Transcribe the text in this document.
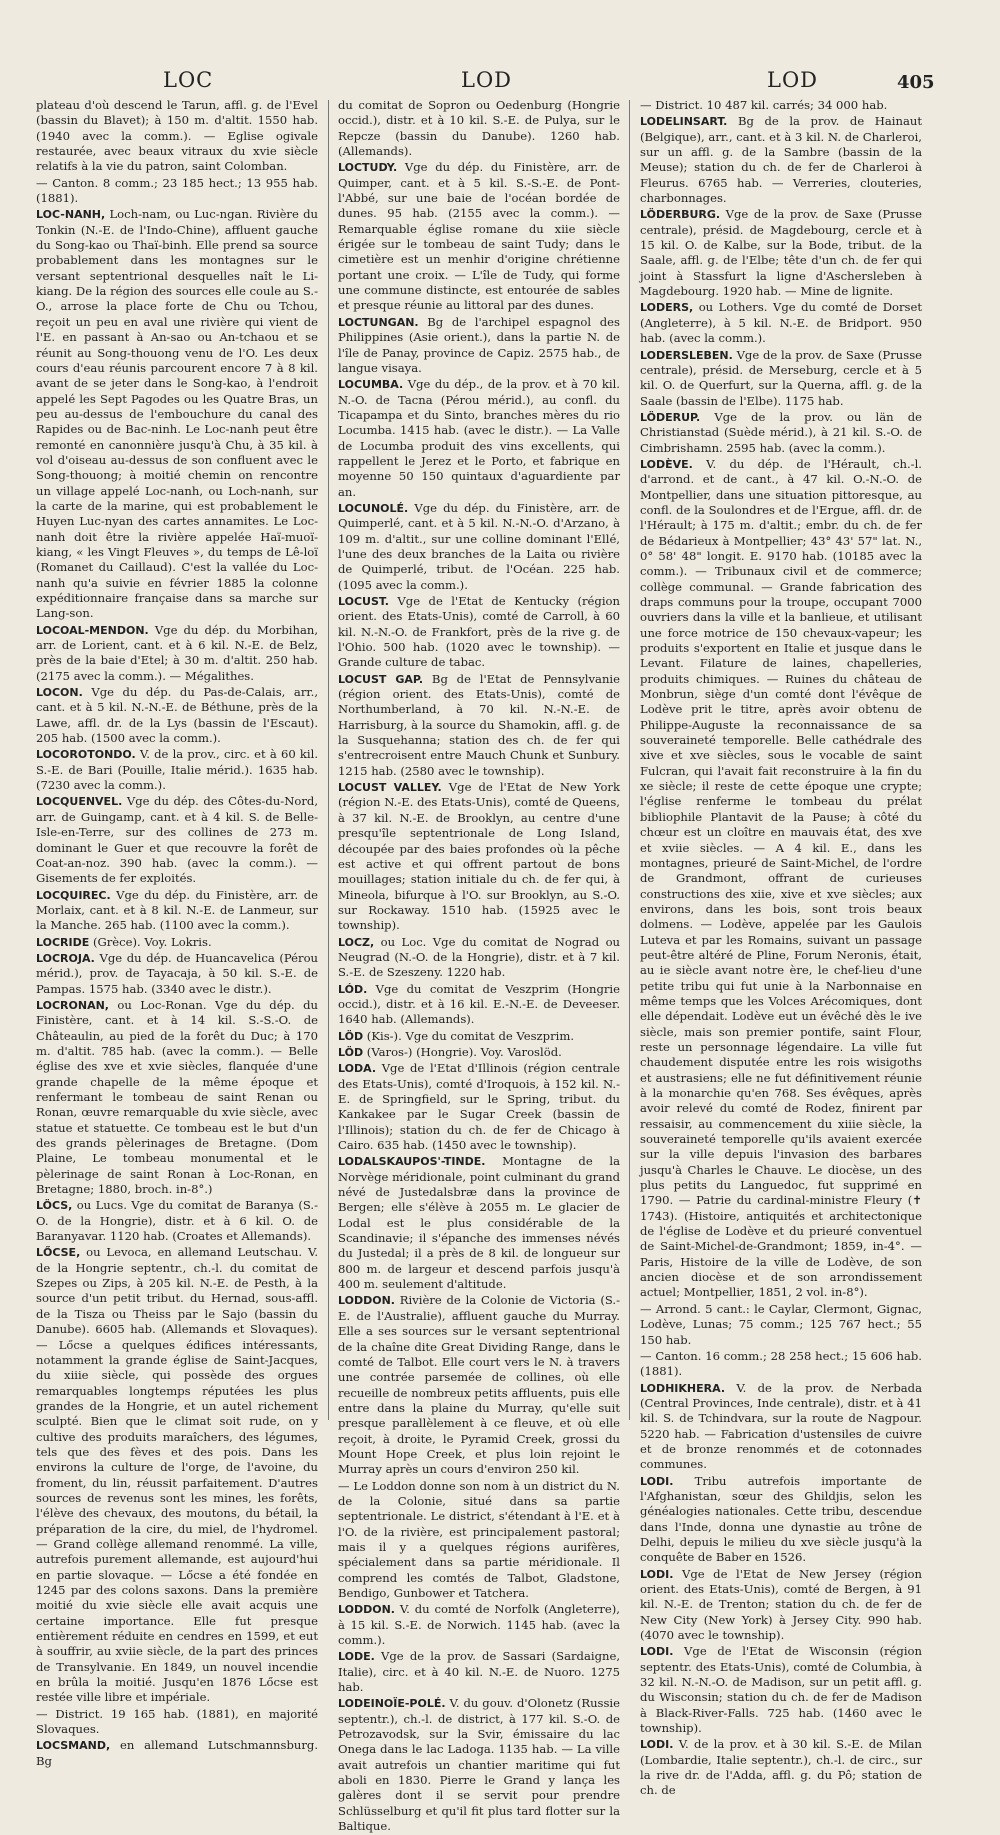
LOC	LOD	LOD	405

plateau d'où descend le Tarun, affl. g. de l'Evel (bassin du Blavet); à 150 m. d'altit. 1550 hab. (1940 avec la comm.). — Eglise ogivale restaurée, avec beaux vitraux du xvie siècle relatifs à la vie du patron, saint Colomban.

— Canton. 8 comm.; 23 185 hect.; 13 955 hab. (1881).

LOC-NANH, Loch-nam, ou Luc-ngan. Rivière du Tonkin (N.-E. de l'Indo-Chine), affluent gauche du Song-kao ou Thaï-binh. Elle prend sa source probablement dans les montagnes sur le versant septentrional desquelles naît le Li-kiang. De la région des sources elle coule au S.-O., arrose la place forte de Chu ou Tchou, reçoit un peu en aval une rivière qui vient de l'E. en passant à An-sao ou An-tchaou et se réunit au Song-thouong venu de l'O. Les deux cours d'eau réunis parcourent encore 7 à 8 kil. avant de se jeter dans le Song-kao, à l'endroit appelé les Sept Pagodes ou les Quatre Bras, un peu au-dessus de l'embouchure du canal des Rapides ou de Bac-ninh. Le Loc-nanh peut être remonté en canonnière jusqu'à Chu, à 35 kil. à vol d'oiseau au-dessus de son confluent avec le Song-thouong; à moitié chemin on rencontre un village appelé Loc-nanh, ou Loch-nanh, sur la carte de la marine, qui est probablement le Huyen Luc-nyan des cartes annamites. Le Loc-nanh doit être la rivière appelée Haï-muoï-kiang, « les Vingt Fleuves », du temps de Lê-loï (Romanet du Caillaud). C'est la vallée du Loc-nanh qu'a suivie en février 1885 la colonne expéditionnaire française dans sa marche sur Lang-son.

LOCOAL-MENDON. Vge du dép. du Morbihan, arr. de Lorient, cant. et à 6 kil. N.-E. de Belz, près de la baie d'Etel; à 30 m. d'altit. 250 hab. (2175 avec la comm.). — Mégalithes.

LOCON. Vge du dép. du Pas-de-Calais, arr., cant. et à 5 kil. N.-N.-E. de Béthune, près de la Lawe, affl. dr. de la Lys (bassin de l'Escaut). 205 hab. (1500 avec la comm.).

LOCOROTONDO. V. de la prov., circ. et à 60 kil. S.-E. de Bari (Pouille, Italie mérid.). 1635 hab. (7230 avec la comm.).

LOCQUENVEL. Vge du dép. des Côtes-du-Nord, arr. de Guingamp, cant. et à 4 kil. S. de Belle-Isle-en-Terre, sur des collines de 273 m. dominant le Guer et que recouvre la forêt de Coat-an-noz. 390 hab. (avec la comm.). — Gisements de fer exploités.

LOCQUIREC. Vge du dép. du Finistère, arr. de Morlaix, cant. et à 8 kil. N.-E. de Lanmeur, sur la Manche. 265 hab. (1100 avec la comm.).

LOCRIDE (Grèce). Voy. Lokris.

LOCROJA. Vge du dép. de Huancavelica (Pérou mérid.), prov. de Tayacaja, à 50 kil. S.-E. de Pampas. 1575 hab. (3340 avec le distr.).

LOCRONAN, ou Loc-Ronan. Vge du dép. du Finistère, cant. et à 14 kil. S.-S.-O. de Châteaulin, au pied de la forêt du Duc; à 170 m. d'altit. 785 hab. (avec la comm.). — Belle église des xve et xvie siècles, flanquée d'une grande chapelle de la même époque et renfermant le tombeau de saint Renan ou Ronan, œuvre remarquable du xvie siècle, avec statue et statuette. Ce tombeau est le but d'un des grands pèlerinages de Bretagne. (Dom Plaine, Le tombeau monumental et le pèlerinage de saint Ronan à Loc-Ronan, en Bretagne; 1880, broch. in-8°.)

LÖCS, ou Lucs. Vge du comitat de Baranya (S.-O. de la Hongrie), distr. et à 6 kil. O. de Baranyavar. 1120 hab. (Croates et Allemands).

LŐCSE, ou Levoca, en allemand Leutschau. V. de la Hongrie septentr., ch.-l. du comitat de Szepes ou Zips, à 205 kil. N.-E. de Pesth, à la source d'un petit tribut. du Hernad, sous-affl. de la Tisza ou Theiss par le Sajo (bassin du Danube). 6605 hab. (Allemands et Slovaques). — Lőcse a quelques édifices intéressants, notamment la grande église de Saint-Jacques, du xiiie siècle, qui possède des orgues remarquables longtemps réputées les plus grandes de la Hongrie, et un autel richement sculpté. Bien que le climat soit rude, on y cultive des produits maraîchers, des légumes, tels que des fèves et des pois. Dans les environs la culture de l'orge, de l'avoine, du froment, du lin, réussit parfaitement. D'autres sources de revenus sont les mines, les forêts, l'élève des chevaux, des moutons, du bétail, la préparation de la cire, du miel, de l'hydromel. — Grand collège allemand renommé. La ville, autrefois purement allemande, est aujourd'hui en partie slovaque. — Lőcse a été fondée en 1245 par des colons saxons. Dans la première moitié du xvie siècle elle avait acquis une certaine importance. Elle fut presque entièrement réduite en cendres en 1599, et eut à souffrir, au xviie siècle, de la part des princes de Transylvanie. En 1849, un nouvel incendie en brûla la moitié. Jusqu'en 1876 Lőcse est restée ville libre et impériale.

— District. 19 165 hab. (1881), en majorité Slovaques.

LOCSMAND, en allemand Lutschmannsburg. Bg

du comitat de Sopron ou Oedenburg (Hongrie occid.), distr. et à 10 kil. S.-E. de Pulya, sur le Repcze (bassin du Danube). 1260 hab. (Allemands).

LOCTUDY. Vge du dép. du Finistère, arr. de Quimper, cant. et à 5 kil. S.-S.-E. de Pont-l'Abbé, sur une baie de l'océan bordée de dunes. 95 hab. (2155 avec la comm.). — Remarquable église romane du xiie siècle érigée sur le tombeau de saint Tudy; dans le cimetière est un menhir d'origine chrétienne portant une croix. — L'île de Tudy, qui forme une commune distincte, est entourée de sables et presque réunie au littoral par des dunes.

LOCTUNGAN. Bg de l'archipel espagnol des Philippines (Asie orient.), dans la partie N. de l'île de Panay, province de Capiz. 2575 hab., de langue visaya.

LOCUMBA. Vge du dép., de la prov. et à 70 kil. N.-O. de Tacna (Pérou mérid.), au confl. du Ticapampa et du Sinto, branches mères du rio Locumba. 1415 hab. (avec le distr.). — La Valle de Locumba produit des vins excellents, qui rappellent le Jerez et le Porto, et fabrique en moyenne 50 150 quintaux d'aguardiente par an.

LOCUNOLÉ. Vge du dép. du Finistère, arr. de Quimperlé, cant. et à 5 kil. N.-N.-O. d'Arzano, à 109 m. d'altit., sur une colline dominant l'Ellé, l'une des deux branches de la Laita ou rivière de Quimperlé, tribut. de l'Océan. 225 hab. (1095 avec la comm.).

LOCUST. Vge de l'Etat de Kentucky (région orient. des Etats-Unis), comté de Carroll, à 60 kil. N.-N.-O. de Frankfort, près de la rive g. de l'Ohio. 500 hab. (1020 avec le township). — Grande culture de tabac.

LOCUST GAP. Bg de l'Etat de Pennsylvanie (région orient. des Etats-Unis), comté de Northumberland, à 70 kil. N.-N.-E. de Harrisburg, à la source du Shamokin, affl. g. de la Susquehanna; station des ch. de fer qui s'entrecroisent entre Mauch Chunk et Sunbury. 1215 hab. (2580 avec le township).

LOCUST VALLEY. Vge de l'Etat de New York (région N.-E. des Etats-Unis), comté de Queens, à 37 kil. N.-E. de Brooklyn, au centre d'une presqu'île septentrionale de Long Island, découpée par des baies profondes où la pêche est active et qui offrent partout de bons mouillages; station initiale du ch. de fer qui, à Mineola, bifurque à l'O. sur Brooklyn, au S.-O. sur Rockaway. 1510 hab. (15925 avec le township).

LOCZ, ou Loc. Vge du comitat de Nograd ou Neugrad (N.-O. de la Hongrie), distr. et à 7 kil. S.-E. de Szeszeny. 1220 hab.

LÓD. Vge du comitat de Veszprim (Hongrie occid.), distr. et à 16 kil. E.-N.-E. de Deveeser. 1640 hab. (Allemands).

LÖD (Kis-). Vge du comitat de Veszprim.

LÖD (Varos-) (Hongrie). Voy. Varoslöd.

LODA. Vge de l'Etat d'Illinois (région centrale des Etats-Unis), comté d'Iroquois, à 152 kil. N.-E. de Springfield, sur le Spring, tribut. du Kankakee par le Sugar Creek (bassin de l'Illinois); station du ch. de fer de Chicago à Cairo. 635 hab. (1450 avec le township).

LODALSKAUPOS'-TINDE. Montagne de la Norvège méridionale, point culminant du grand névé de Justedalsbræ dans la province de Bergen; elle s'élève à 2055 m. Le glacier de Lodal est le plus considérable de la Scandinavie; il s'épanche des immenses névés du Justedal; il a près de 8 kil. de longueur sur 800 m. de largeur et descend parfois jusqu'à 400 m. seulement d'altitude.

LODDON. Rivière de la Colonie de Victoria (S.-E. de l'Australie), affluent gauche du Murray. Elle a ses sources sur le versant septentrional de la chaîne dite Great Dividing Range, dans le comté de Talbot. Elle court vers le N. à travers une contrée parsemée de collines, où elle recueille de nombreux petits affluents, puis elle entre dans la plaine du Murray, qu'elle suit presque parallèlement à ce fleuve, et où elle reçoit, à droite, le Pyramid Creek, grossi du Mount Hope Creek, et plus loin rejoint le Murray après un cours d'environ 250 kil.

— Le Loddon donne son nom à un district du N. de la Colonie, situé dans sa partie septentrionale. Le district, s'étendant à l'E. et à l'O. de la rivière, est principalement pastoral; mais il y a quelques régions aurifères, spécialement dans sa partie méridionale. Il comprend les comtés de Talbot, Gladstone, Bendigo, Gunbower et Tatchera.

LODDON. V. du comté de Norfolk (Angleterre), à 15 kil. S.-E. de Norwich. 1145 hab. (avec la comm.).

LODE. Vge de la prov. de Sassari (Sardaigne, Italie), circ. et à 40 kil. N.-E. de Nuoro. 1275 hab.

LODEINOÏE-POLÉ. V. du gouv. d'Olonetz (Russie septentr.), ch.-l. de district, à 177 kil. S.-O. de Petrozavodsk, sur la Svir, émissaire du lac Onega dans le lac Ladoga. 1135 hab. — La ville avait autrefois un chantier maritime qui fut aboli en 1830. Pierre le Grand y lança les galères dont il se servit pour prendre Schlüsselburg et qu'il fit plus tard flotter sur la Baltique.

— District. 10 487 kil. carrés; 34 000 hab.

LODELINSART. Bg de la prov. de Hainaut (Belgique), arr., cant. et à 3 kil. N. de Charleroi, sur un affl. g. de la Sambre (bassin de la Meuse); station du ch. de fer de Charleroi à Fleurus. 6765 hab. — Verreries, clouteries, charbonnages.

LÖDERBURG. Vge de la prov. de Saxe (Prusse centrale), présid. de Magdebourg, cercle et à 15 kil. O. de Kalbe, sur la Bode, tribut. de la Saale, affl. g. de l'Elbe; tête d'un ch. de fer qui joint à Stassfurt la ligne d'Aschersleben à Magdebourg. 1920 hab. — Mine de lignite.

LODERS, ou Lothers. Vge du comté de Dorset (Angleterre), à 5 kil. N.-E. de Bridport. 950 hab. (avec la comm.).

LODERSLEBEN. Vge de la prov. de Saxe (Prusse centrale), présid. de Merseburg, cercle et à 5 kil. O. de Querfurt, sur la Querna, affl. g. de la Saale (bassin de l'Elbe). 1175 hab.

LÖDERUP. Vge de la prov. ou län de Christianstad (Suède mérid.), à 21 kil. S.-O. de Cimbrishamn. 2595 hab. (avec la comm.).

LODÈVE. V. du dép. de l'Hérault, ch.-l. d'arrond. et de cant., à 47 kil. O.-N.-O. de Montpellier, dans une situation pittoresque, au confl. de la Soulondres et de l'Ergue, affl. dr. de l'Hérault; à 175 m. d'altit.; embr. du ch. de fer de Bédarieux à Montpellier; 43° 43' 57" lat. N., 0° 58' 48" longit. E. 9170 hab. (10185 avec la comm.). — Tribunaux civil et de commerce; collège communal. — Grande fabrication des draps communs pour la troupe, occupant 7000 ouvriers dans la ville et la banlieue, et utilisant une force motrice de 150 chevaux-vapeur; les produits s'exportent en Italie et jusque dans le Levant. Filature de laines, chapelleries, produits chimiques. — Ruines du château de Monbrun, siège d'un comté dont l'évêque de Lodève prit le titre, après avoir obtenu de Philippe-Auguste la reconnaissance de sa souveraineté temporelle. Belle cathédrale des xive et xve siècles, sous le vocable de saint Fulcran, qui l'avait fait reconstruire à la fin du xe siècle; il reste de cette époque une crypte; l'église renferme le tombeau du prélat bibliophile Plantavit de la Pause; à côté du chœur est un cloître en mauvais état, des xve et xviie siècles. — A 4 kil. E., dans les montagnes, prieuré de Saint-Michel, de l'ordre de Grandmont, offrant de curieuses constructions des xiie, xive et xve siècles; aux environs, dans les bois, sont trois beaux dolmens. — Lodève, appelée par les Gaulois Luteva et par les Romains, suivant un passage peut-être altéré de Pline, Forum Neronis, était, au ie siècle avant notre ère, le chef-lieu d'une petite tribu qui fut unie à la Narbonnaise en même temps que les Volces Arécomiques, dont elle dépendait. Lodève eut un évêché dès le ive siècle, mais son premier pontife, saint Flour, reste un personnage légendaire. La ville fut chaudement disputée entre les rois wisigoths et austrasiens; elle ne fut définitivement réunie à la monarchie qu'en 768. Ses évêques, après avoir relevé du comté de Rodez, finirent par ressaisir, au commencement du xiiie siècle, la souveraineté temporelle qu'ils avaient exercée sur la ville depuis l'invasion des barbares jusqu'à Charles le Chauve. Le diocèse, un des plus petits du Languedoc, fut supprimé en 1790. — Patrie du cardinal-ministre Fleury (✝ 1743). (Histoire, antiquités et architectonique de l'église de Lodève et du prieuré conventuel de Saint-Michel-de-Grandmont; 1859, in-4°. — Paris, Histoire de la ville de Lodève, de son ancien diocèse et de son arrondissement actuel; Montpellier, 1851, 2 vol. in-8°).

— Arrond. 5 cant.: le Caylar, Clermont, Gignac, Lodève, Lunas; 75 comm.; 125 767 hect.; 55 150 hab.

— Canton. 16 comm.; 28 258 hect.; 15 606 hab. (1881).

LODHIKHERA. V. de la prov. de Nerbada (Central Provinces, Inde centrale), distr. et à 41 kil. S. de Tchindvara, sur la route de Nagpour. 5220 hab. — Fabrication d'ustensiles de cuivre et de bronze renommés et de cotonnades communes.

LODI. Tribu autrefois importante de l'Afghanistan, sœur des Ghildjis, selon les généalogies nationales. Cette tribu, descendue dans l'Inde, donna une dynastie au trône de Delhi, depuis le milieu du xve siècle jusqu'à la conquête de Baber en 1526.

LODI. Vge de l'Etat de New Jersey (région orient. des Etats-Unis), comté de Bergen, à 91 kil. N.-E. de Trenton; station du ch. de fer de New City (New York) à Jersey City. 990 hab. (4070 avec le township).

LODI. Vge de l'Etat de Wisconsin (région septentr. des Etats-Unis), comté de Columbia, à 32 kil. N.-N.-O. de Madison, sur un petit affl. g. du Wisconsin; station du ch. de fer de Madison à Black-River-Falls. 725 hab. (1460 avec le township).

LODI. V. de la prov. et à 30 kil. S.-E. de Milan (Lombardie, Italie septentr.), ch.-l. de circ., sur la rive dr. de l'Adda, affl. g. du Pô; station de ch. de
